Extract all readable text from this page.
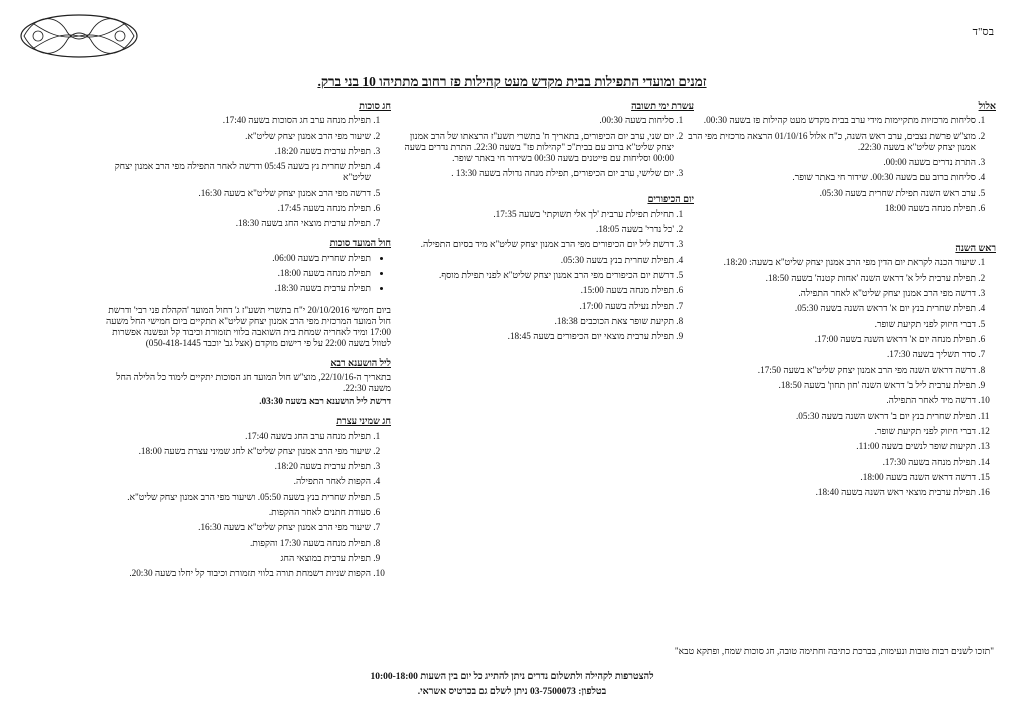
בס"ד
זמנים ומועדי התפילות בבית מקדש מעט קהילות פז רחוב מתתיהו 10 בני ברק.
אלול
1. סליחות מרכזיות מתקיימות מידי ערב בבית מקדש מעט קהילות פז בשעה 00:30.
2. מוצ"ש פרשת נצבים, ערב ראש השנה, כ"ח אלול 01/10/16 הרצאה מרכזית מפי הרב אמנון יצחק שליט"א בשעה 22:30.
3. התרת נדרים בשעה 00:00.
4. סליחות ברוב עם בשעה 00:30. שידור חי באתר שופר.
5. ערב ראש השנה תפילת שחרית בשעה 05:30.
6. תפילת מנחה בשעה 18:00
ראש השנה
1. שיעור הכנה לקראת יום הדין מפי הרב אמנון יצחק שליט"א בשעה: 18:20.
2. תפילת ערבית ליל א' דראש השנה 'אחות קטנה' בשעה 18:50.
3. דרשה מפי הרב אמנון יצחק שליט"א לאחר התפילה.
4. תפילת שחרית בנץ יום א' דראש השנה בשעה 05:30.
5. דברי חיזוק לפני תקיעת שופר.
6. תפילת מנחה יום א' דראש השנה בשעה 17:00.
7. סדר תשליך בשעה 17:30.
8. דרשה דראש השנה מפי הרב אמנון יצחק שליט"א בשעה 17:50.
9. תפילת ערבית ליל ב' דראש השנה 'חון תחון' בשעה 18:50.
10. דרשה מיד לאחר התפילה.
11. תפילת שחרית בנץ יום ב' דראש השנה בשעה 05:30.
12. דברי חיזוק לפני תקיעת שופר.
13. תקיעות שופר לנשים בשעה 11:00.
14. תפילת מנחה בשעה 17:30.
15. דרשה דראש השנה בשעה 18:00.
16. תפילת ערבית מוצאי ראש השנה בשעה 18:40.
עשרת ימי תשובה
1. סליחות בשעה 00:30.
2. יום שני, ערב יום הכיפורים, בתאריך ח' בתשרי תשע"ז הרצאתו של הרב אמנון יצחק שליט"א ברוב עם בבית"כ "קהילות פז" בשעה 22:30. התרת נדרים בשעה 00:00 וסליחות עם פייטנים בשעה 00:30 בשידור חי באתר שופר.
3. יום שלישי, ערב יום הכיפורים, תפילת מנחה גדולה בשעה 13:30 .
יום הכיפורים
1. תחילת תפילת ערבית 'לך אלי תשוקתי' בשעה 17:35.
2. 'כל נדרי' בשעה 18:05.
3. דרשת ליל יום הכיפורים מפי הרב אמנון יצחק שליט"א מיד בסיום התפילה.
4. תפילת שחרית בנץ בשעה 05:30.
5. דרשת יום הכיפורים מפי הרב אמנון יצחק שליט"א לפני תפילת מוסף.
6. תפילת מנחה בשעה 15:00.
7. תפילת נעילה בשעה 17:00.
8. תקיעת שופר צאת הכוכבים 18:38.
9. תפילת ערבית מוצאי יום הכיפורים בשעה 18:45.
חג סוכות
1. תפילת מנחה ערב חג הסוכות בשעה 17:40.
2. שיעור מפי הרב אמנון יצחק שליט"א.
3. תפילת ערבית בשעה 18:20.
4. תפילת שחרית נץ בשעה 05:45 ודרשה לאחר התפילה מפי הרב אמנון יצחק שליט"א
5. דרשה מפי הרב אמנון יצחק שליט"א בשעה 16:30.
6. תפילת מנחה בשעה 17:45.
7. תפילת ערבית מוצאי החג בשעה 18:30.
חול המועד סוכות
• תפילת שחרית בשעה 06:00.
• תפילת מנחה בשעה 18:00.
• תפילת ערבית בשעה 18:30.

ביום חמישי 20/10/2016 י"ח בתשרי תשע"ז ג' דחול המועד 'הקהלת פני רבי' ודרשת חול המועד המרכזית מפי הרב אמנון יצחק שליט"א תתקיים ביום חמישי החל משעה 17:00 ומיד לאחריה שמחת בית השואבה בלווי תזמורת וכיבוד קל ונפשנה אפשרות לטוול בשעה 22:00 על פי רישום מוקדם (אצל גב' יוכבד 050-418-1445)

ליל הושענא רבא

בתאריך ה-22/10/16, מוצ"ש חול המועד חג הסוכות יתקיים לימוד כל הלילה החל משעה 22:30.

דרשת ליל הושענא רבא בשעה 03:30.

חג שמיני עצרת
1. תפילת מנחה ערב החג בשעה 17:40.
2. שיעור מפי הרב אמנון יצחק שליט"א לחג שמיני עצרת בשעה 18:00.
3. תפילת ערבית בשעה 18:20.
4. הקפות לאחר התפילה.
5. תפילת שחרית בנץ בשעה 05:50. ושיעור מפי הרב אמנון יצחק שליט"א.
6. סעודת חתנים לאחר ההקפות.
7. שיעור מפי הרב אמנון יצחק שליט"א בשעה 16:30.
8. תפילת מנחה בשעה 17:30 והקפות.
9. תפילת ערבית במוצאי החג
10. הקפות שניות דשמחת תורה בלווי תזמורת וכיבוד קל יחלו בשעה 20:30.
"תזכו לשנים רבות טובות ונעימות, בברכת כתיבה וחתימה טובה, חג סוכות שמח, ופתקא טבא"
להצטרפות לקהילה ולתשלום נדרים ניתן להתייג כל יום בין השעות 10:00-18:00
בטלפון: 03-7500073 ניתן לשלם גם בכרטיס אשראי.
